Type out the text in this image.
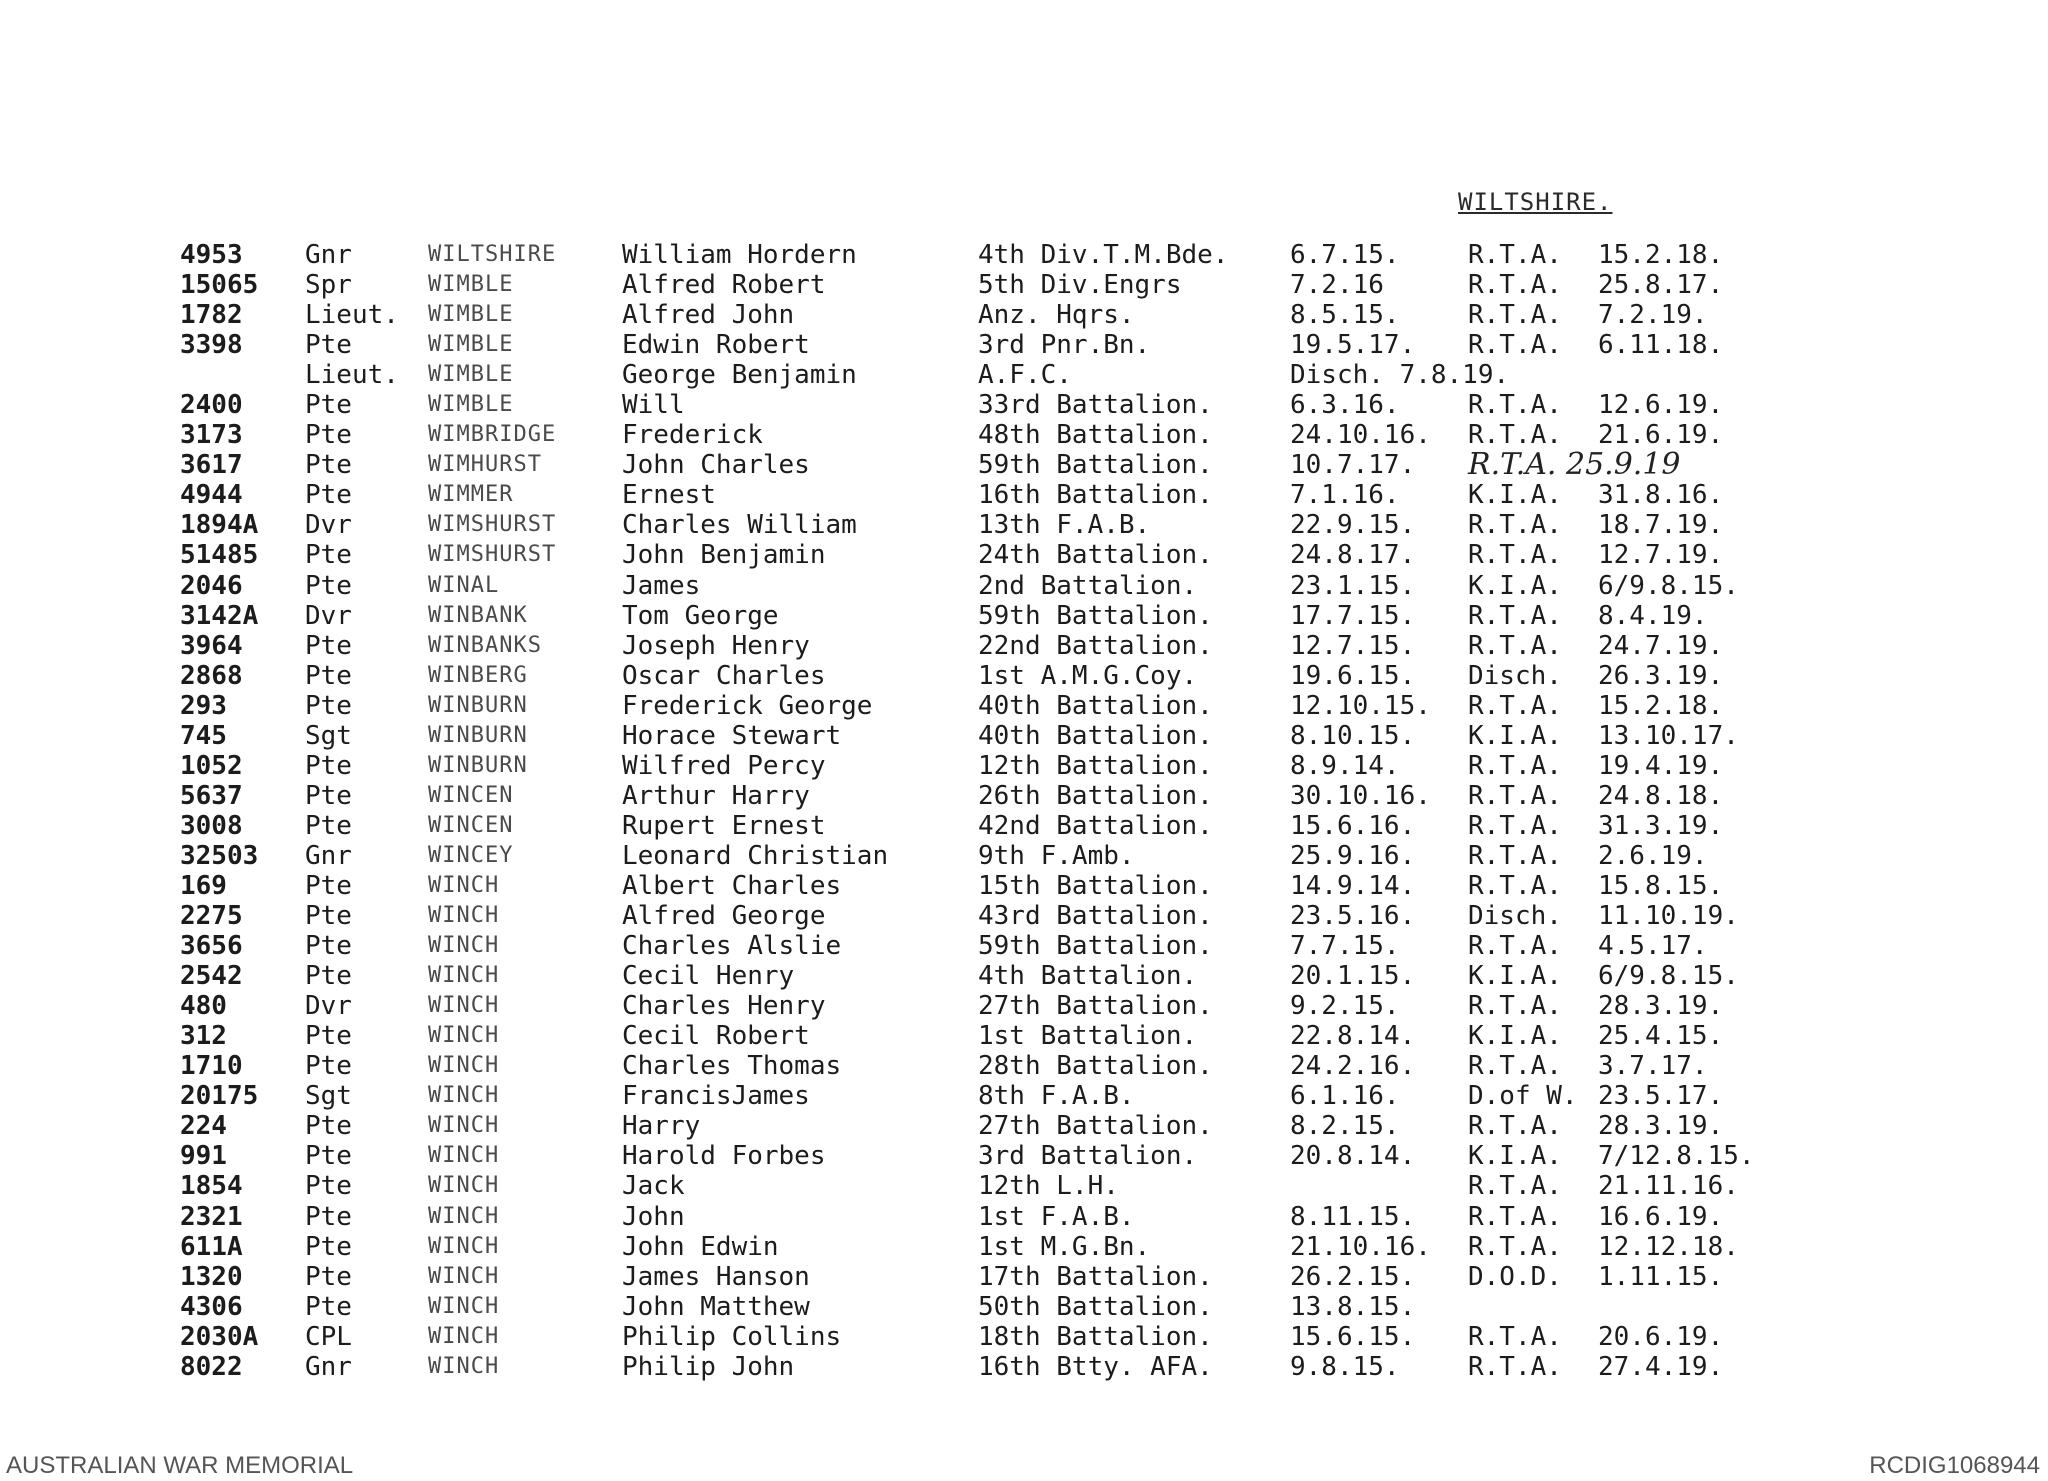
WILTSHIRE.
4953 Gnr	WILTSHIRE	William Hordern	4th Div.T.M.Bde. 6.7.15.	R.T.A. 15.2.18.
15065 Spr	WIMBLE	Alfred Robert	5th Div.Engrs	7.2.16	R.T.A. 25.8.17.
1782 Lieut. WIMBLE	Alfred John	Anz. Hqrs.	8.5.15.	R.T.A. 7.2.19.
3398 Pte	WIMBLE	Edwin Robert	3rd Pnr.Bn.	19.5.17. R.T.A. 6.11.18.
Lieut. WIMBLE	George Benjamin	A.F.C.	Disch. 7.8.19.
2400 Pte	WIMBLE	Will	33rd Battalion.	6.3.16.	R.T.A. 12.6.19.
3173 Pte	WIMBRIDGE	Frederick	48th Battalion.	24.10.16. R.T.A. 21.6.19.
3617 Pte	WIMHURST	John Charles	59th Battalion.	10.7.17. R.T.A. 25.9.19
4944 Pte	WIMMER	Ernest	16th Battalion.	7.1.16.	K.I.A. 31.8.16.
1894A Dvr	WIMSHURST	Charles William	13th F.A.B.	22.9.15. R.T.A. 18.7.19.
51485 Pte	WIMSHURST	John Benjamin	24th Battalion.	24.8.17. R.T.A. 12.7.19.
2046 Pte	WINAL	James	2nd Battalion.	23.1.15. K.I.A. 6/9.8.15.
3142A Dvr	WINBANK	Tom George	59th Battalion.	17.7.15. R.T.A. 8.4.19.
3964 Pte	WINBANKS	Joseph Henry	22nd Battalion.	12.7.15. R.T.A. 24.7.19.
2868 Pte	WINBERG	Oscar Charles	1st A.M.G.Coy.	19.6.15. Disch. 26.3.19.
293	Pte	WINBURN	Frederick George	40th Battalion.	12.10.15. R.T.A. 15.2.18.
745	Sgt	WINBURN	Horace Stewart	40th Battalion.	8.10.15. K.I.A. 13.10.17.
1052 Pte	WINBURN	Wilfred Percy	12th Battalion.	8.9.14.	R.T.A. 19.4.19.
5637 Pte	WINCEN	Arthur Harry	26th Battalion.	30.10.16. R.T.A. 24.8.18.
3008 Pte	WINCEN	Rupert Ernest	42nd Battalion.	15.6.16. R.T.A. 31.3.19.
32503 Gnr	WINCEY	Leonard Christian	9th F.Amb.	25.9.16. R.T.A. 2.6.19.
169	Pte	WINCH	Albert Charles	15th Battalion.	14.9.14. R.T.A. 15.8.15.
2275 Pte	WINCH	Alfred George	43rd Battalion.	23.5.16. Disch. 11.10.19.
3656 Pte	WINCH	Charles Alslie	59th Battalion.	7.7.15.	R.T.A. 4.5.17.
2542 Pte	WINCH	Cecil Henry	4th Battalion.	20.1.15. K.I.A. 6/9.8.15.
480	Dvr	WINCH	Charles Henry	27th Battalion.	9.2.15.	R.T.A. 28.3.19.
312	Pte	WINCH	Cecil Robert	1st Battalion.	22.8.14. K.I.A. 25.4.15.
1710 Pte	WINCH	Charles Thomas	28th Battalion.	24.2.16. R.T.A. 3.7.17.
20175 Sgt	WINCH	FrancisJames	8th F.A.B.	6.1.16.	D.of W. 23.5.17.
224	Pte	WINCH	Harry	27th Battalion.	8.2.15.	R.T.A. 28.3.19.
991	Pte	WINCH	Harold Forbes	3rd Battalion.	20.8.14. K.I.A. 7/12.8.15.
1854 Pte	WINCH	Jack	12th L.H.	R.T.A. 21.11.16.
2321 Pte	WINCH	John	1st F.A.B.	8.11.15. R.T.A. 16.6.19.
611A Pte	WINCH	John Edwin	1st M.G.Bn.	21.10.16. R.T.A. 12.12.18.
1320 Pte	WINCH	James Hanson	17th Battalion.	26.2.15. D.O.D. 1.11.15.
4306 Pte	WINCH	John Matthew	50th Battalion.	13.8.15.
2030A CPL	WINCH	Philip Collins	18th Battalion.	15.6.15. R.T.A. 20.6.19.
8022 Gnr	WINCH	Philip John	16th Btty. AFA.	9.8.15.	R.T.A. 27.4.19.
AUSTRALIAN WAR MEMORIAL	RCDIG1068944
